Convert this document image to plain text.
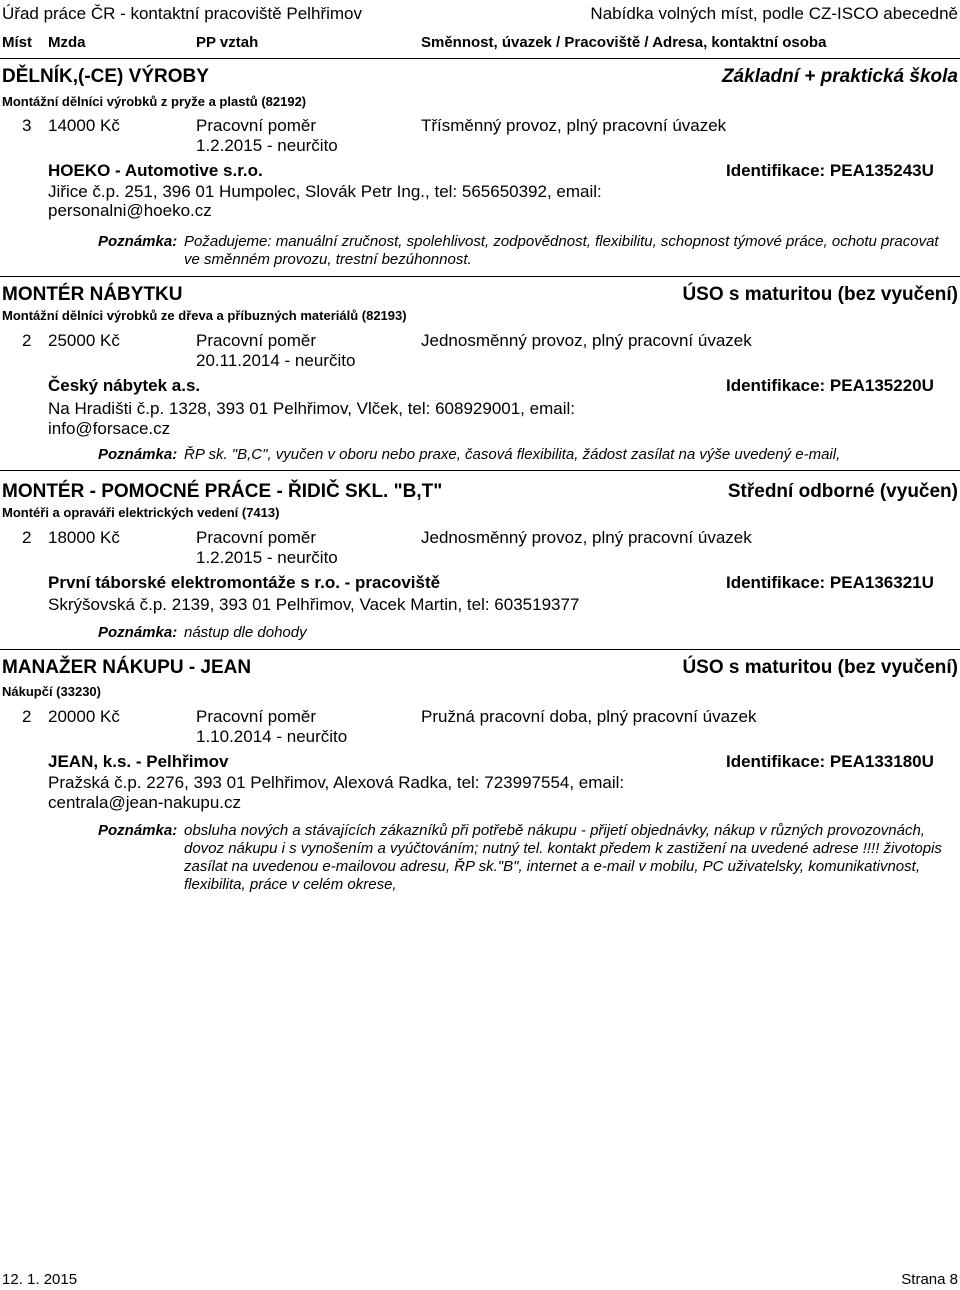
Úřad práce ČR - kontaktní pracoviště Pelhřimov	Nabídka volných míst, podle CZ-ISCO abecedně
Míst Mzda	PP vztah	Směnnost, úvazek / Pracoviště / Adresa, kontaktní osoba
DĚLNÍK,(-CE) VÝROBY	Základní + praktická škola
Montážní dělníci výrobků z pryže a plastů (82192)
3 14000 Kč	Pracovní poměr	Třísměnný provoz, plný pracovní úvazek
1.2.2015 - neurčito
HOEKO - Automotive s.r.o.	Identifikace: PEA135243U
Jiřice č.p. 251, 396 01 Humpolec, Slovák Petr Ing., tel: 565650392, email:
personalni@hoeko.cz
Poznámka: Požadujeme: manuální zručnost, spolehlivost, zodpovědnost, flexibilitu, schopnost týmové práce, ochotu pracovat ve směnném provozu, trestní bezúhonnost.
MONTÉR NÁBYTKU	ÚSO s maturitou (bez vyučení)
Montážní dělníci výrobků ze dřeva a příbuzných materiálů (82193)
2 25000 Kč	Pracovní poměr	Jednosměnný provoz, plný pracovní úvazek
20.11.2014 - neurčito
Český nábytek a.s.	Identifikace: PEA135220U
Na Hradišti č.p. 1328, 393 01 Pelhřimov, Vlček, tel: 608929001, email:
info@forsace.cz
Poznámka: ŘP sk. "B,C", vyučen v oboru nebo praxe, časová flexibilita, žádost zasílat na výše uvedený e-mail,
MONTÉR - POMOCNÉ PRÁCE - ŘIDIČ SKL. "B,T"	Střední odborné (vyučen)
Montéři a opraváři elektrických vedení (7413)
2 18000 Kč	Pracovní poměr	Jednosměnný provoz, plný pracovní úvazek
1.2.2015 - neurčito
První táborské elektromontáže s r.o. - pracoviště	Identifikace: PEA136321U
Skrýšovská č.p. 2139, 393 01 Pelhřimov, Vacek Martin, tel: 603519377
Poznámka: nástup dle dohody
MANAŽER NÁKUPU - JEAN	ÚSO s maturitou (bez vyučení)
Nákupčí (33230)
2 20000 Kč	Pracovní poměr	Pružná pracovní doba, plný pracovní úvazek
1.10.2014 - neurčito
JEAN, k.s. - Pelhřimov	Identifikace: PEA133180U
Pražská č.p. 2276, 393 01 Pelhřimov, Alexová Radka, tel: 723997554, email:
centrala@jean-nakupu.cz
Poznámka: obsluha nových a stávajících zákazníků při potřebě nákupu - přijetí objednávky, nákup v různých provozovnách, dovoz nákupu i s vynošením a vyúčtováním; nutný tel. kontakt předem k zastižení na uvedené adrese !!!! životopis zasílat na uvedenou e-mailovou adresu, ŘP sk."B", internet a e-mail v mobilu, PC uživatelsky, komunikativnost, flexibilita, práce v celém okrese,
12. 1. 2015	Strana 8
